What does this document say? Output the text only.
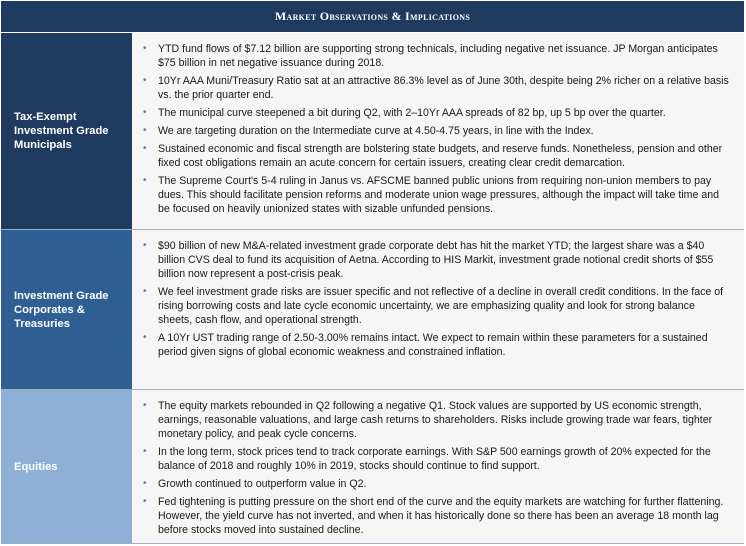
Market Observations & Implications
Tax-Exempt Investment Grade Municipals
• YTD fund flows of $7.12 billion are supporting strong technicals, including negative net issuance. JP Morgan anticipates $75 billion in net negative issuance during 2018.
• 10Yr AAA Muni/Treasury Ratio sat at an attractive 86.3% level as of June 30th, despite being 2% richer on a relative basis vs. the prior quarter end.
• The municipal curve steepened a bit during Q2, with 2–10Yr AAA spreads of 82 bp, up 5 bp over the quarter.
• We are targeting duration on the Intermediate curve at 4.50-4.75 years, in line with the Index.
• Sustained economic and fiscal strength are bolstering state budgets, and reserve funds. Nonetheless, pension and other fixed cost obligations remain an acute concern for certain issuers, creating clear credit demarcation.
• The Supreme Court's 5-4 ruling in Janus vs. AFSCME banned public unions from requiring non-union members to pay dues. This should facilitate pension reforms and moderate union wage pressures, although the impact will take time and be focused on heavily unionized states with sizable unfunded pensions.
Investment Grade Corporates & Treasuries
• $90 billion of new M&A-related investment grade corporate debt has hit the market YTD; the largest share was a $40 billion CVS deal to fund its acquisition of Aetna. According to HIS Markit, investment grade notional credit shorts of $55 billion now represent a post-crisis peak.
• We feel investment grade risks are issuer specific and not reflective of a decline in overall credit conditions. In the face of rising borrowing costs and late cycle economic uncertainty, we are emphasizing quality and look for strong balance sheets, cash flow, and operational strength.
• A 10Yr UST trading range of 2.50-3.00% remains intact. We expect to remain within these parameters for a sustained period given signs of global economic weakness and constrained inflation.
Equities
• The equity markets rebounded in Q2 following a negative Q1. Stock values are supported by US economic strength, earnings, reasonable valuations, and large cash returns to shareholders. Risks include growing trade war fears, tighter monetary policy, and peak cycle concerns.
• In the long term, stock prices tend to track corporate earnings. With S&P 500 earnings growth of 20% expected for the balance of 2018 and roughly 10% in 2019, stocks should continue to find support.
• Growth continued to outperform value in Q2.
• Fed tightening is putting pressure on the short end of the curve and the equity markets are watching for further flattening. However, the yield curve has not inverted, and when it has historically done so there has been an average 18 month lag before stocks moved into sustained decline.
